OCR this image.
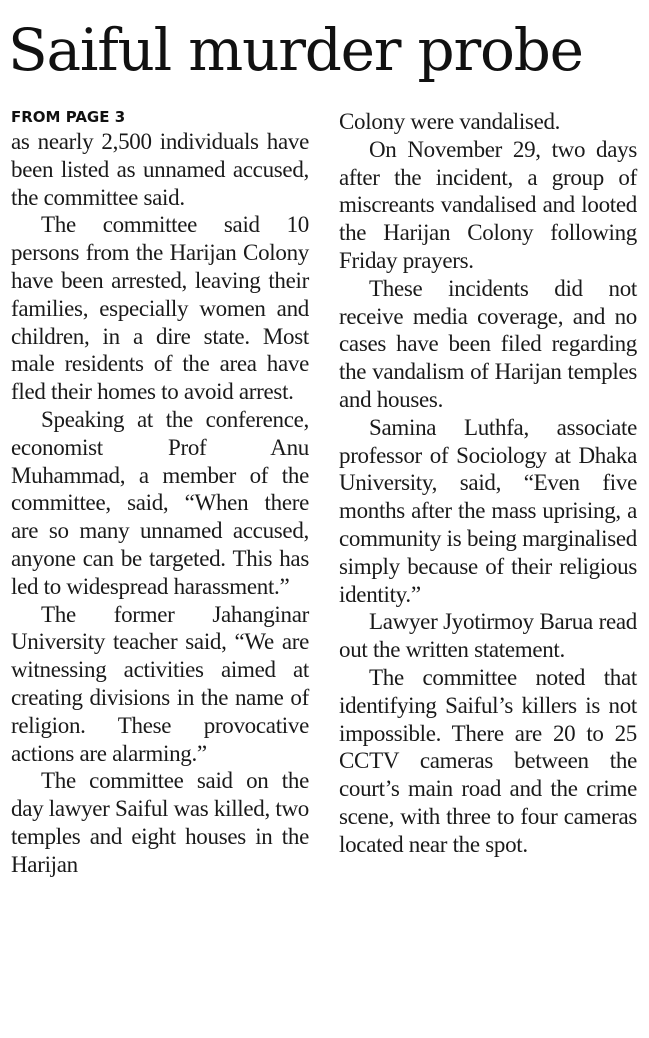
Saiful murder probe
FROM PAGE 3

as nearly 2,500 individuals have been listed as unnamed accused, the committee said.

The committee said 10 persons from the Harijan Colony have been arrested, leaving their families, especially women and children, in a dire state. Most male residents of the area have fled their homes to avoid arrest.

Speaking at the conference, economist Prof Anu Muhammad, a member of the committee, said, “When there are so many unnamed accused, anyone can be targeted. This has led to widespread harassment.”

The former Jahanginar University teacher said, “We are witnessing activities aimed at creating divisions in the name of religion. These provocative actions are alarming.”

The committee said on the day lawyer Saiful was killed, two temples and eight houses in the Harijan

Colony were vandalised.

On November 29, two days after the incident, a group of miscreants vandalised and looted the Harijan Colony following Friday prayers.

These incidents did not receive media coverage, and no cases have been filed regarding the vandalism of Harijan temples and houses.

Samina Luthfa, associate professor of Sociology at Dhaka University, said, “Even five months after the mass uprising, a community is being marginalised simply because of their religious identity.”

Lawyer Jyotirmoy Barua read out the written statement.

The committee noted that identifying Saiful’s killers is not impossible. There are 20 to 25 CCTV cameras between the court’s main road and the crime scene, with three to four cameras located near the spot.
